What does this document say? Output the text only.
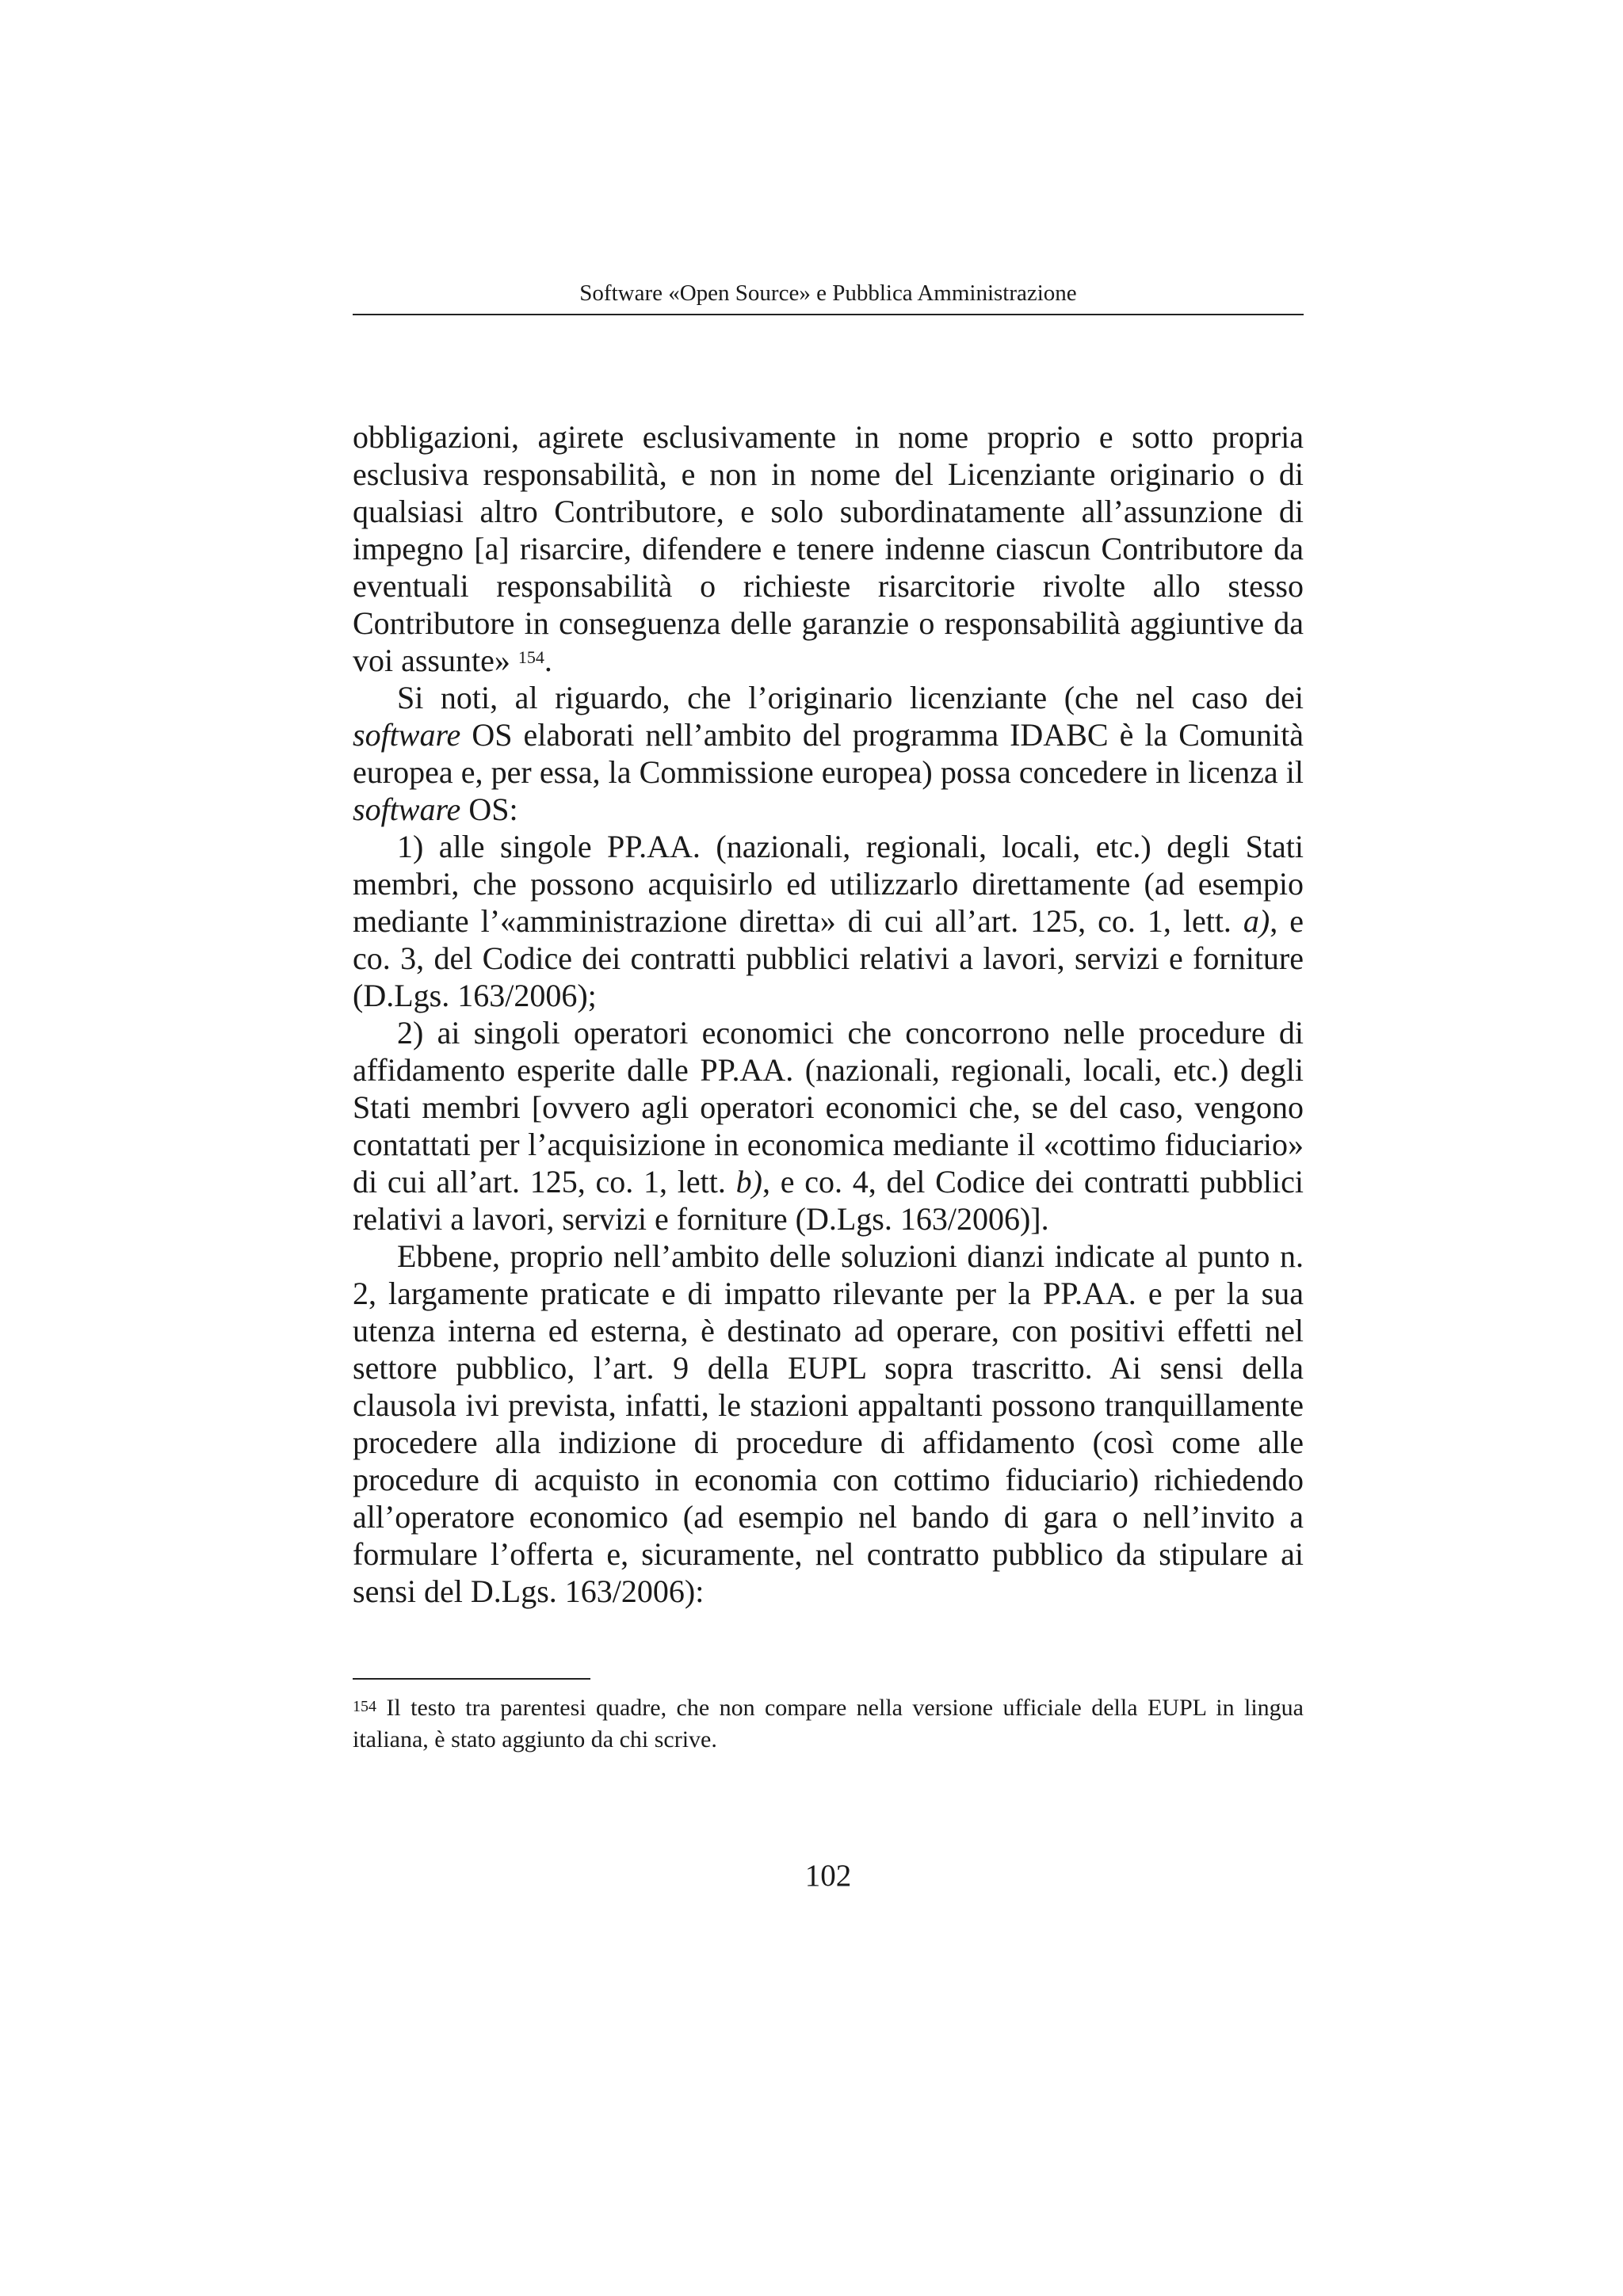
Software «Open Source» e Pubblica Amministrazione

obbligazioni, agirete esclusivamente in nome proprio e sotto propria esclusiva responsabilità, e non in nome del Licenziante originario o di qualsiasi altro Contributore, e solo subordinatamente all’assunzione di impegno [a] risarcire, difendere e tenere indenne ciascun Contributore da eventuali responsabilità o richieste risarcitorie rivolte allo stesso Contributore in conseguenza delle garanzie o responsabilità aggiuntive da voi assunte» $^{154}$.

Si noti, al riguardo, che l’originario licenziante (che nel caso dei software OS elaborati nell’ambito del programma IDABC è la Comunità europea e, per essa, la Commissione europea) possa concedere in licenza il software OS:

1) alle singole PP.AA. (nazionali, regionali, locali, etc.) degli Stati membri, che possono acquisirlo ed utilizzarlo direttamente (ad esempio mediante l’«amministrazione diretta» di cui all’art. 125, co. 1, lett. a), e co. 3, del Codice dei contratti pubblici relativi a lavori, servizi e forniture (D.Lgs. 163/2006);

2) ai singoli operatori economici che concorrono nelle procedure di affidamento esperite dalle PP.AA. (nazionali, regionali, locali, etc.) degli Stati membri [ovvero agli operatori economici che, se del caso, vengono contattati per l’acquisizione in economica mediante il «cottimo fiduciario» di cui all’art. 125, co. 1, lett. b), e co. 4, del Codice dei contratti pubblici relativi a lavori, servizi e forniture (D.Lgs. 163/2006)].

Ebbene, proprio nell’ambito delle soluzioni dianzi indicate al punto n. 2, largamente praticate e di impatto rilevante per la PP.AA. e per la sua utenza interna ed esterna, è destinato ad operare, con positivi effetti nel settore pubblico, l’art. 9 della EUPL sopra trascritto. Ai sensi della clausola ivi prevista, infatti, le stazioni appaltanti possono tranquillamente procedere alla indizione di procedure di affidamento (così come alle procedure di acquisto in economia con cottimo fiduciario) richiedendo all’operatore economico (ad esempio nel bando di gara o nell’invito a formulare l’offerta e, sicuramente, nel contratto pubblico da stipulare ai sensi del D.Lgs. 163/2006):

$^{154}$ Il testo tra parentesi quadre, che non compare nella versione ufficiale della EUPL in lingua italiana, è stato aggiunto da chi scrive.
102
